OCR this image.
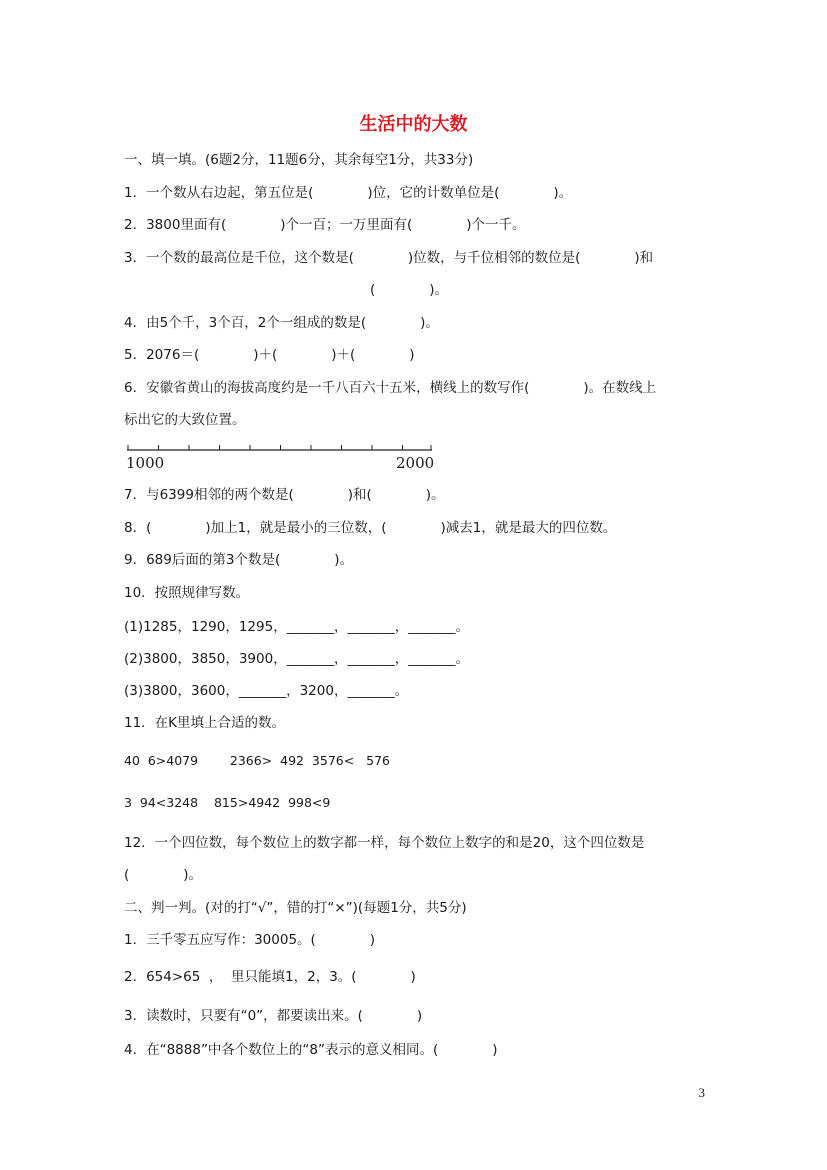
生活中的大数
一、填一填。(6题2分，11题6分，其余每空1分，共33分)
1．一个数从右边起，第五位是(　　　　)位，它的计数单位是(　　　　)。
2．3800里面有(　　　　)个一百；一万里面有(　　　　)个一千。
3．一个数的最高位是千位，这个数是(　　　　)位数，与千位相邻的数位是(　　　　)和
(　　　　)。
4．由5个千，3个百，2个一组成的数是(　　　　)。
5．2076＝(　　　　)＋(　　　　)＋(　　　　)
6．安徽省黄山的海拔高度约是一千八百六十五米，横线上的数写作(　　　　)。在数线上
标出它的大致位置。
1000	2000
7．与6399相邻的两个数是(　　　　)和(　　　　)。
8．(　　　　)加上1，就是最小的三位数，(　　　　)减去1，就是最大的四位数。
9．689后面的第3个数是(　　　　)。
10．按照规律写数。
(1)1285，1290，1295，_______，_______，_______。
(2)3800，3850，3900，_______，_______，_______。
(3)3800，3600，_______，3200，_______。
11．在K里填上合适的数。
40  6>4079        2366>  492  3576<   576
3  94<3248    815>4942  998<9
12．一个四位数，每个数位上的数字都一样，每个数位上数字的和是20，这个四位数是
(　　　　)。
二、判一判。(对的打“√”，错的打“×”)(每题1分，共5分)
1．三千零五应写作：30005。(　　　　)
2．654>65  ，  里只能填1，2，3。(　　　　)
3．读数时，只要有“0”，都要读出来。(　　　　)
4．在“8888”中各个数位上的“8”表示的意义相同。(　　　　)
3
